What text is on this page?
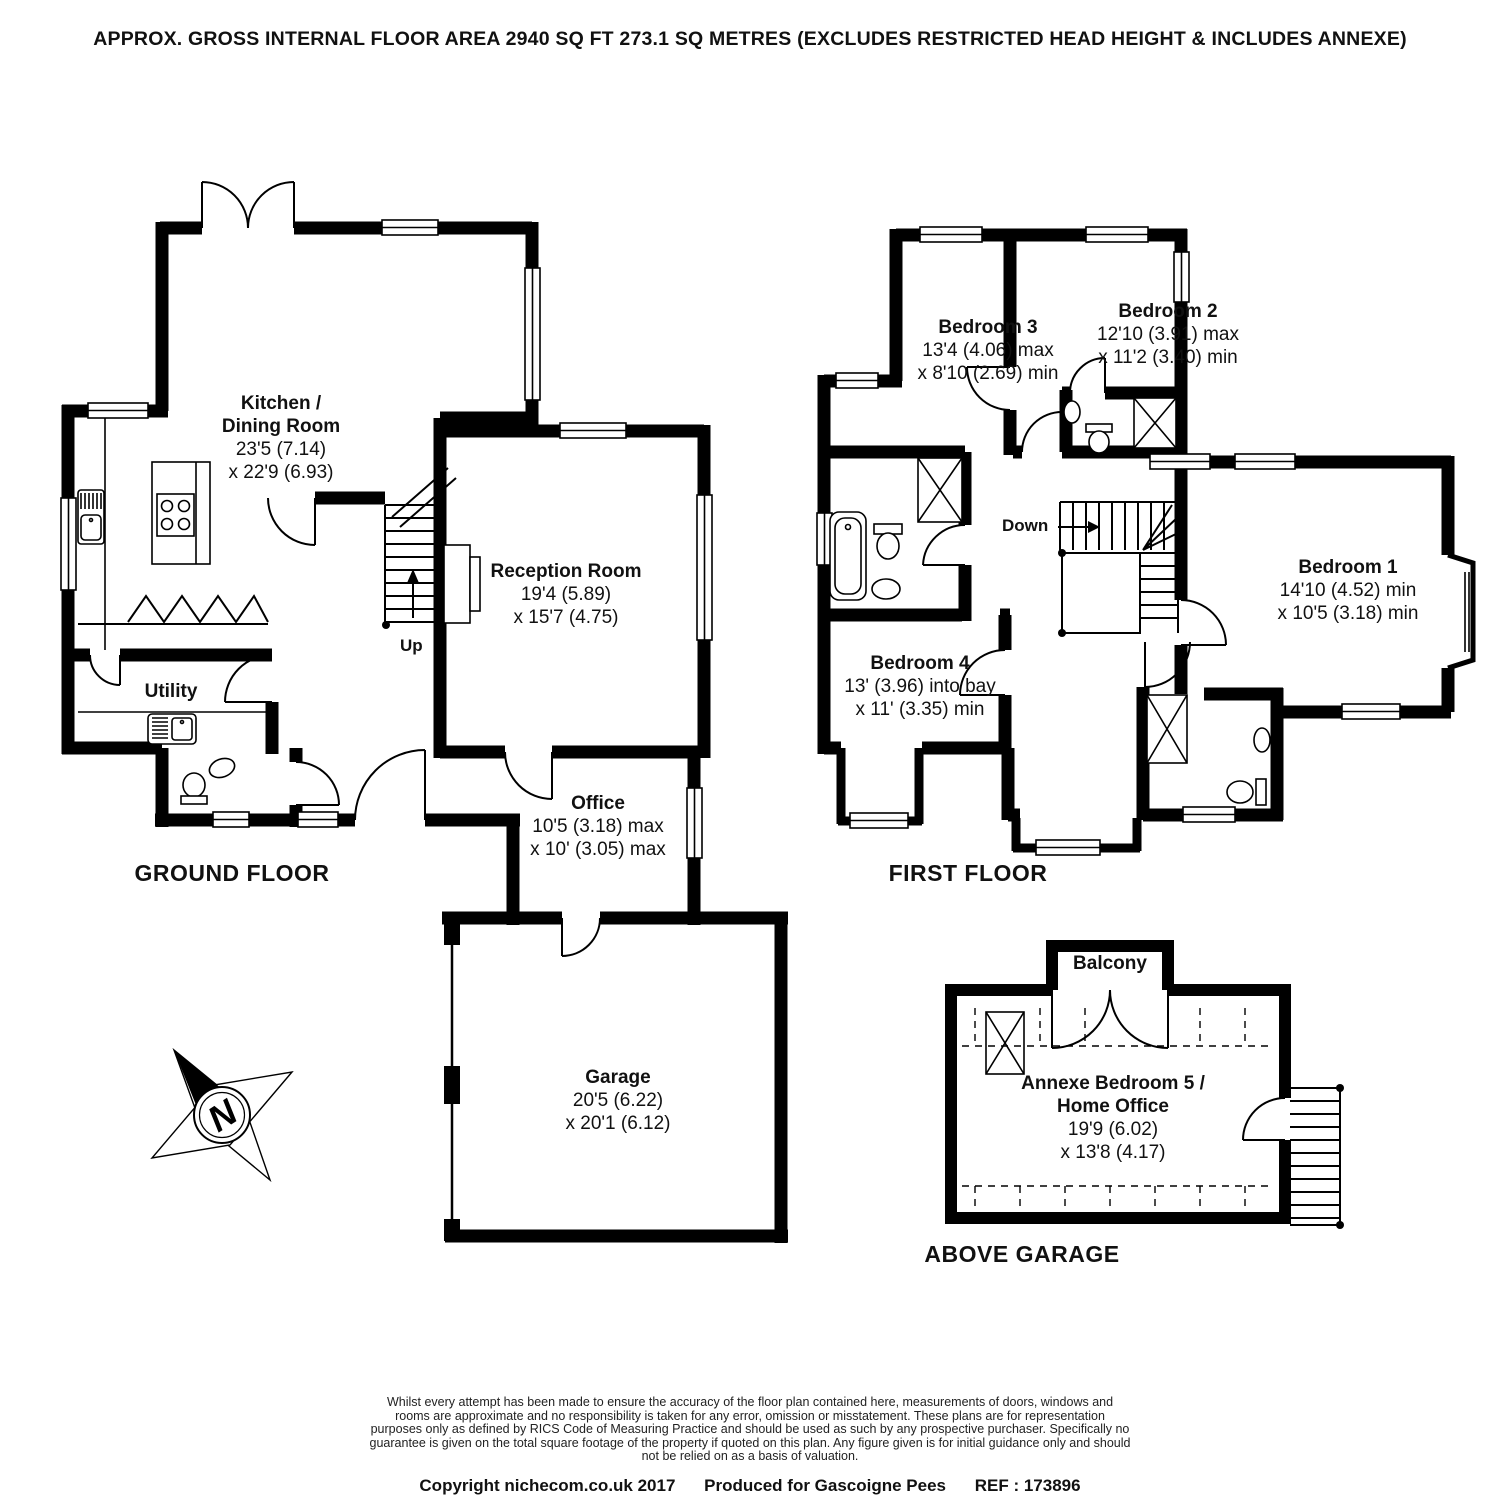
N
APPROX. GROSS INTERNAL FLOOR AREA 2940 SQ FT 273.1 SQ METRES (EXCLUDES RESTRICTED HEAD HEIGHT & INCLUDES ANNEXE)
Kitchen /
Dining Room
23'5 (7.14)
x 22'9 (6.93)
Reception Room
19'4 (5.89)
x 15'7 (4.75)
Utility
Office
10'5 (3.18) max
x 10' (3.05) max
Garage
20'5 (6.22)
x 20'1 (6.12)
Up
GROUND FLOOR
Bedroom 3
13'4 (4.06) max
x 8'10 (2.69) min
Bedroom 2
12'10 (3.91) max
x 11'2 (3.40) min
Bedroom 1
14'10 (4.52) min
x 10'5 (3.18) min
Bedroom 4
13' (3.96) into bay
x 11' (3.35) min
Down
FIRST FLOOR
Balcony
Annexe Bedroom 5 /
Home Office
19'9 (6.02)
x 13'8 (4.17)
ABOVE GARAGE

Whilst every attempt has been made to ensure the accuracy of the floor plan contained here, measurements of doors, windows and

rooms are approximate and no responsibility is taken for any error, omission or misstatement. These plans are for representation

purposes only as defined by RICS Code of Measuring Practice and should be used as such by any prospective purchaser. Specifically no

guarantee is given on the total square footage of the property if quoted on this plan. Any figure given is for initial guidance only and should

not be relied on as a basis of valuation.

Copyright nichecom.co.uk 2017 Produced for Gascoigne Pees REF : 173896
